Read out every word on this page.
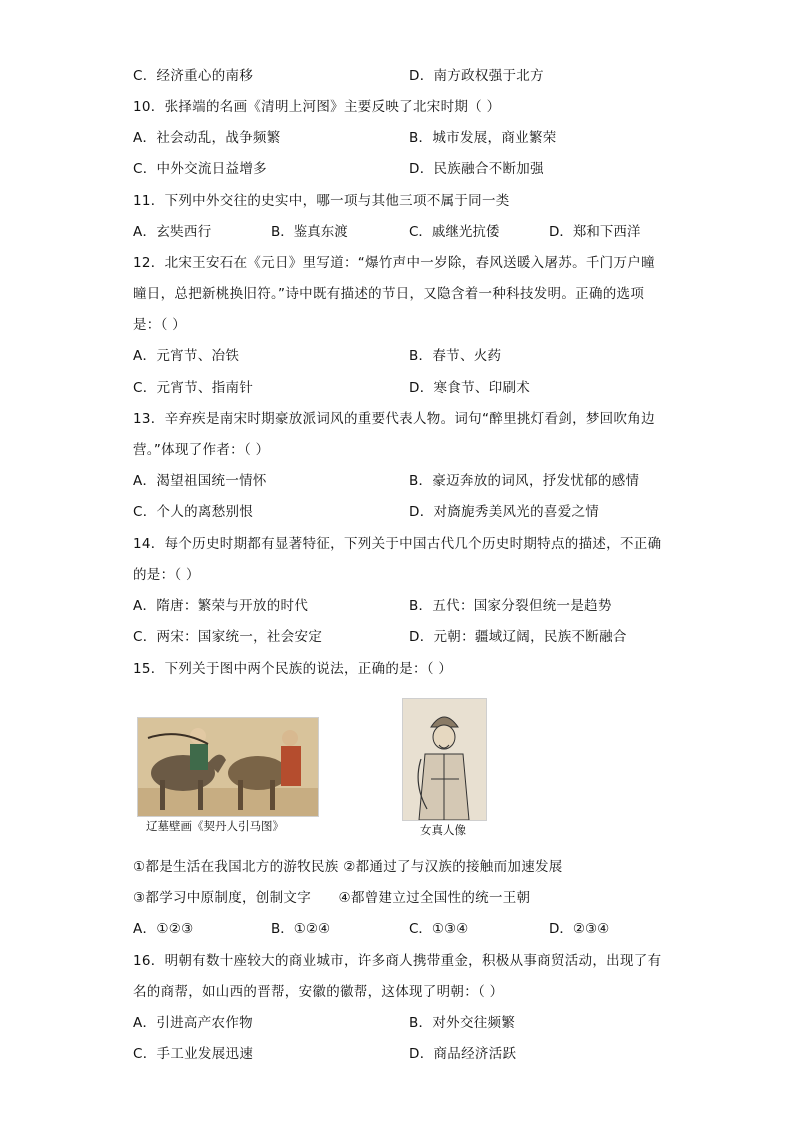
C．经济重心的南移	D．南方政权强于北方
10．张择端的名画《清明上河图》主要反映了北宋时期（ ）
A．社会动乱，战争频繁	B．城市发展，商业繁荣
C．中外交流日益增多	D．民族融合不断加强
11．下列中外交往的史实中，哪一项与其他三项不属于同一类
A．玄奘西行	B．鉴真东渡	C．戚继光抗倭	D．郑和下西洋
12．北宋王安石在《元日》里写道：“爆竹声中一岁除，春风送暖入屠苏。千门万户曈
曈日，总把新桃换旧符。”诗中既有描述的节日，又隐含着一种科技发明。正确的选项
是：（ ）
A．元宵节、冶铁	B．春节、火药
C．元宵节、指南针	D．寒食节、印刷术
13．辛弃疾是南宋时期豪放派词风的重要代表人物。词句“醉里挑灯看剑，梦回吹角边
营。”体现了作者：（ ）
A．渴望祖国统一情怀	B．豪迈奔放的词风，抒发忧郁的感情
C．个人的离愁别恨	D．对旖旎秀美风光的喜爱之情
14．每个历史时期都有显著特征，下列关于中国古代几个历史时期特点的描述，不正确
的是：（ ）
A．隋唐：繁荣与开放的时代	B．五代：国家分裂但统一是趋势
C．两宋：国家统一，社会安定	D．元朝：疆域辽阔，民族不断融合
15．下列关于图中两个民族的说法，正确的是：（ ）
辽墓壁画《契丹人引马图》	女真人像
①都是生活在我国北方的游牧民族 ②都通过了与汉族的接触而加速发展
③都学习中原制度，创制文字      ④都曾建立过全国性的统一王朝
A．①②③	B．①②④	C．①③④	D．②③④
16．明朝有数十座较大的商业城市，许多商人携带重金，积极从事商贸活动，出现了有
名的商帮，如山西的晋帮，安徽的徽帮，这体现了明朝：（ ）
A．引进高产农作物	B．对外交往频繁
C．手工业发展迅速	D．商品经济活跃
